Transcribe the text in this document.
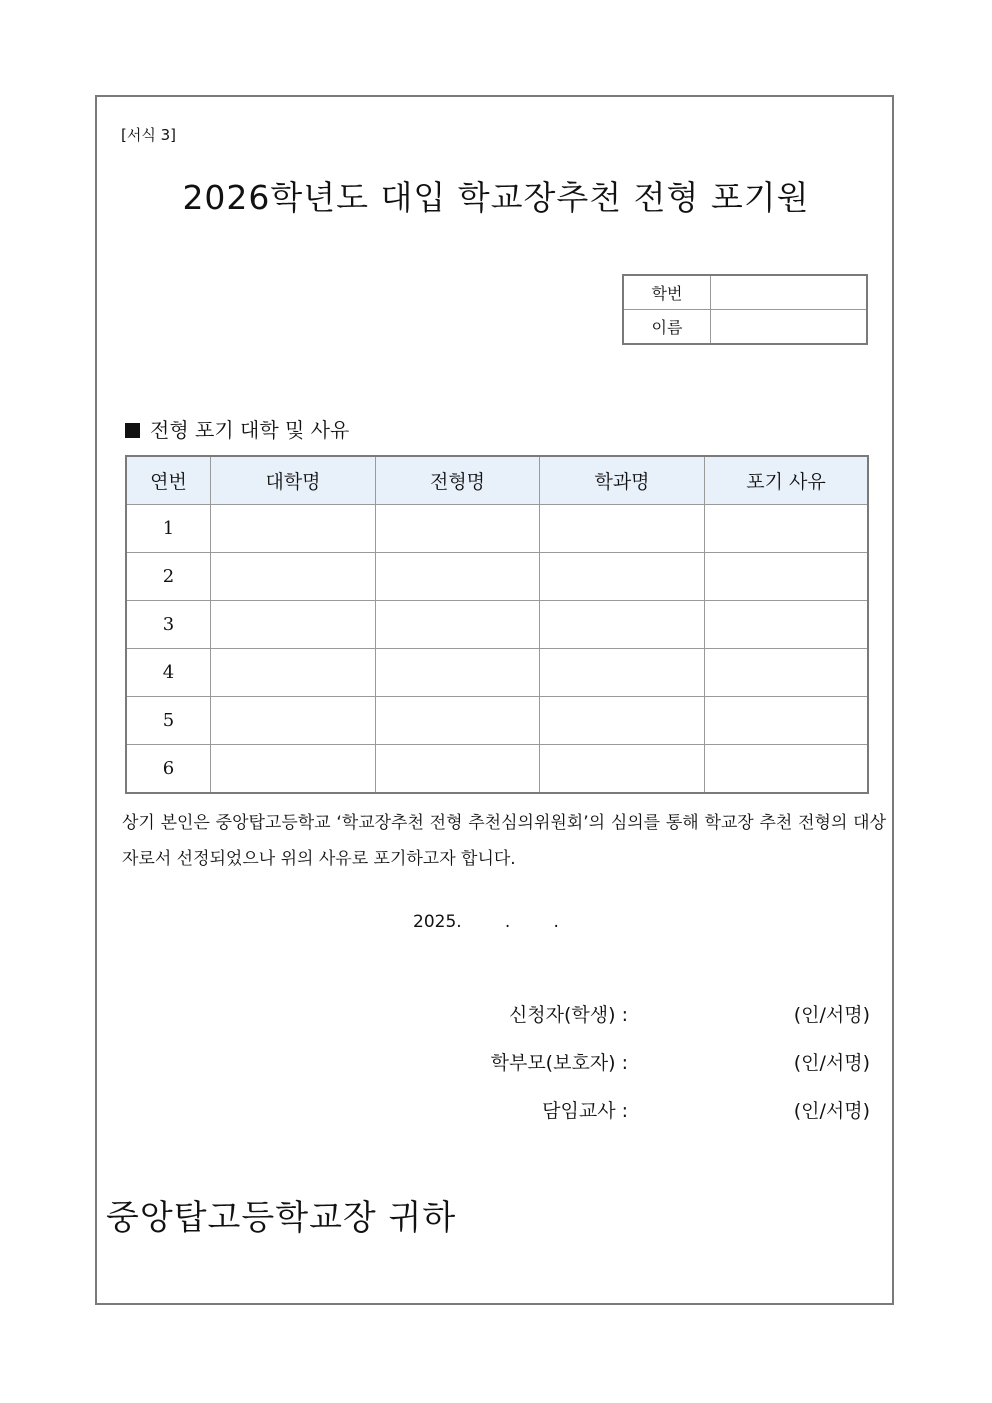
[서식 3]
2026학년도 대입 학교장추천 전형 포기원
학번	
이름	
전형 포기 대학 및 사유
연번	대학명	전형명	학과명	포기 사유
1				
2				
3				
4				
5				
6				
상기 본인은 중앙탑고등학교 ‘학교장추천 전형 추천심의위원회’의 심의를 통해 학교장 추천 전형의 대상자로서 선정되었으나 위의 사유로 포기하고자 합니다.
2025.        .        .
신청자(학생) :	(인/서명)
학부모(보호자) :	(인/서명)
담임교사 :	(인/서명)
중앙탑고등학교장 귀하
